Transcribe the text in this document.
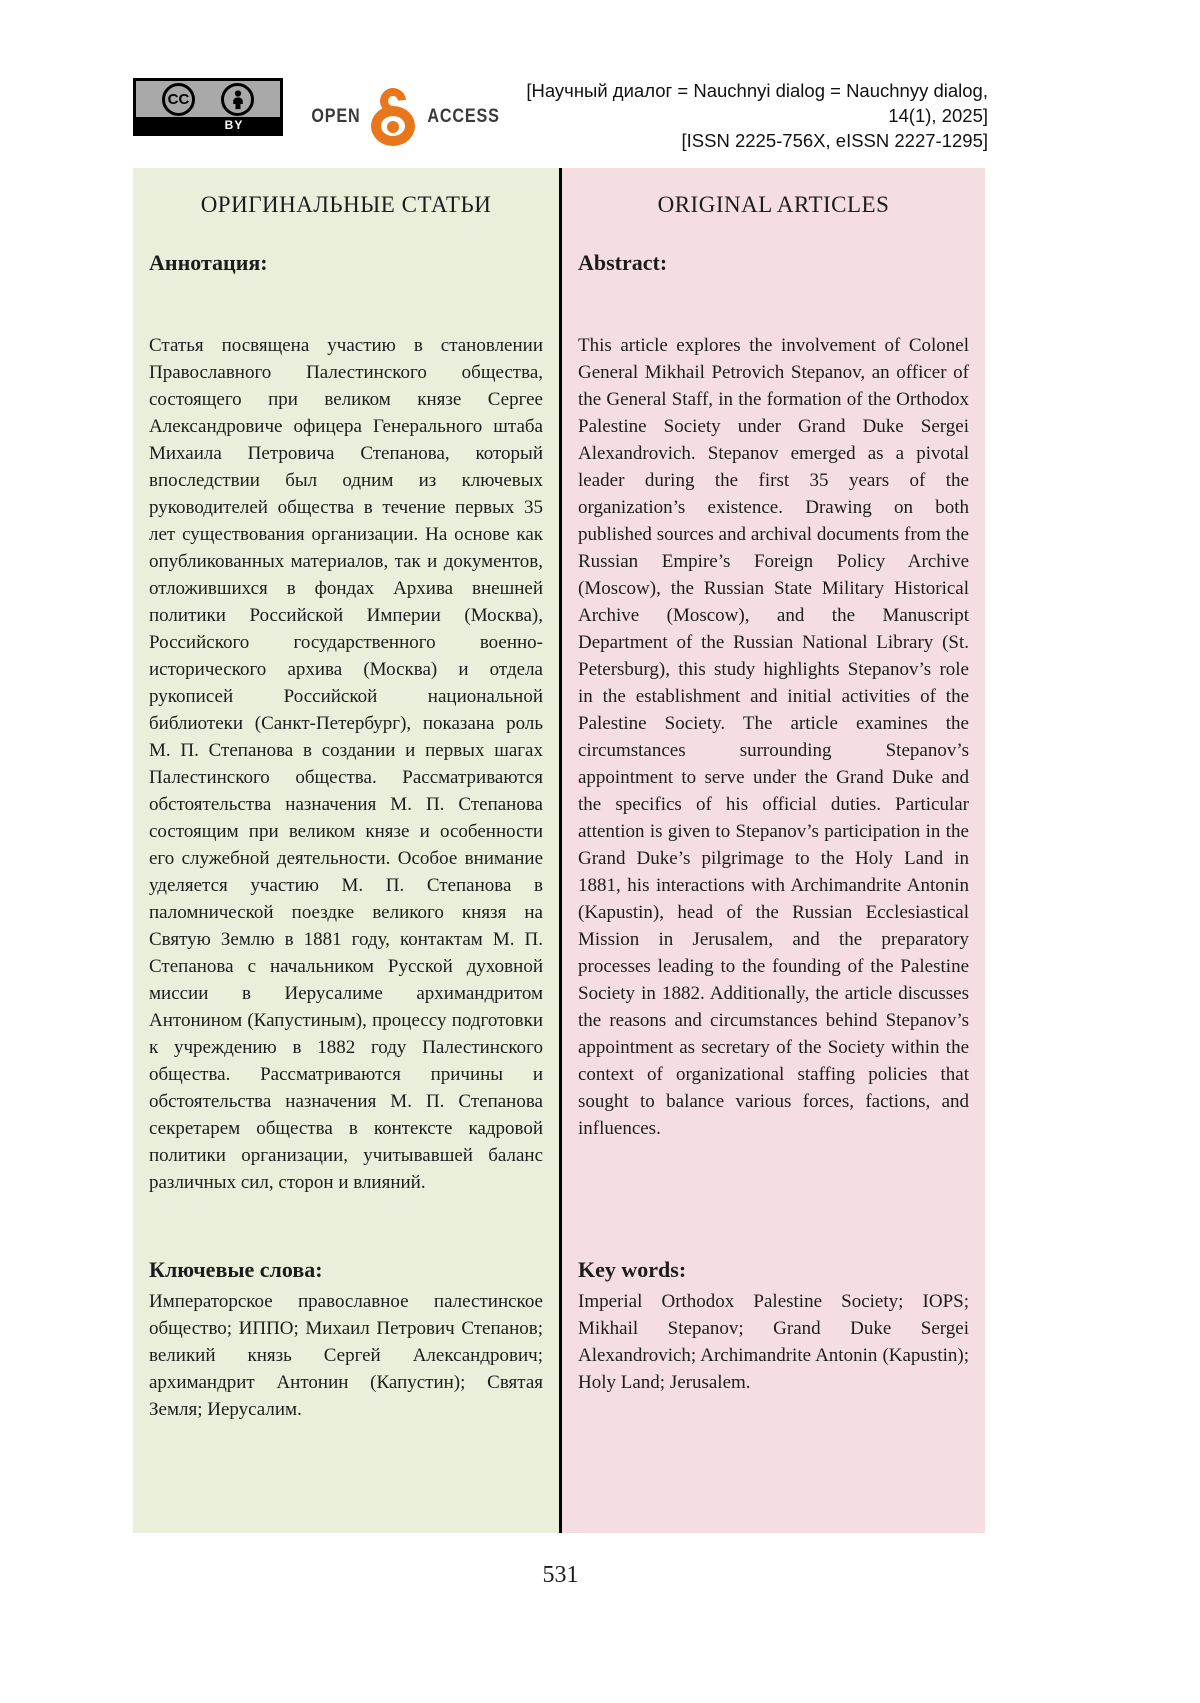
CC
BY	OPEN	ACCESS
[Научный диалог = Nauchnyi dialog = Nauchnyy dialog, 14(1), 2025]
[ISSN 2225-756X, eISSN 2227-1295]
ОРИГИНАЛЬНЫЕ СТАТЬИ
Аннотация:
Статья посвящена участию в становлении Православного Палестинского общества, состоящего при великом князе Сергее Александровиче офицера Генерального штаба Михаила Петровича Степанова, который впоследствии был одним из ключевых руководителей общества в течение первых 35 лет существования организации. На основе как опубликованных материалов, так и документов, отложившихся в фондах Архива внешней политики Российской Империи (Москва), Российского государственного военно-исторического архива (Москва) и отдела рукописей Российской национальной библиотеки (Санкт-Петербург), показана роль М. П. Степанова в создании и первых шагах Палестинского общества. Рассматриваются обстоятельства назначения М. П. Степанова состоящим при великом князе и особенности его служебной деятельности. Особое внимание уделяется участию М. П. Степанова в паломнической поездке великого князя на Святую Землю в 1881 году, контактам М. П. Степанова с начальником Русской духовной миссии в Иерусалиме архимандритом Антонином (Капустиным), процессу подготовки к учреждению в 1882 году Палестинского общества. Рассматриваются причины и обстоятельства назначения М. П. Степанова секретарем общества в контексте кадровой политики организации, учитывавшей баланс различных сил, сторон и влияний.
Ключевые слова:
Императорское православное палестинское общество; ИППО; Михаил Петрович Степанов; великий князь Сергей Александрович; архимандрит Антонин (Капустин); Святая Земля; Иерусалим.
ORIGINAL ARTICLES
Abstract:
This article explores the involvement of Colonel General Mikhail Petrovich Stepanov, an officer of the General Staff, in the formation of the Orthodox Palestine Society under Grand Duke Sergei Alexandrovich. Stepanov emerged as a pivotal leader during the first 35 years of the organization’s existence. Drawing on both published sources and archival documents from the Russian Empire’s Foreign Policy Archive (Moscow), the Russian State Military Historical Archive (Moscow), and the Manuscript Department of the Russian National Library (St. Petersburg), this study highlights Stepanov’s role in the establishment and initial activities of the Palestine Society. The article examines the circumstances surrounding Stepanov’s appointment to serve under the Grand Duke and the specifics of his official duties. Particular attention is given to Stepanov’s participation in the Grand Duke’s pilgrimage to the Holy Land in 1881, his interactions with Archimandrite Antonin (Kapustin), head of the Russian Ecclesiastical Mission in Jerusalem, and the preparatory processes leading to the founding of the Palestine Society in 1882. Additionally, the article discusses the reasons and circumstances behind Stepanov’s appointment as secretary of the Society within the context of organizational staffing policies that sought to balance various forces, factions, and influences.
Key words:
Imperial Orthodox Palestine Society; IOPS; Mikhail Stepanov; Grand Duke Sergei Alexandrovich; Archimandrite Antonin (Kapustin); Holy Land; Jerusalem.
531
